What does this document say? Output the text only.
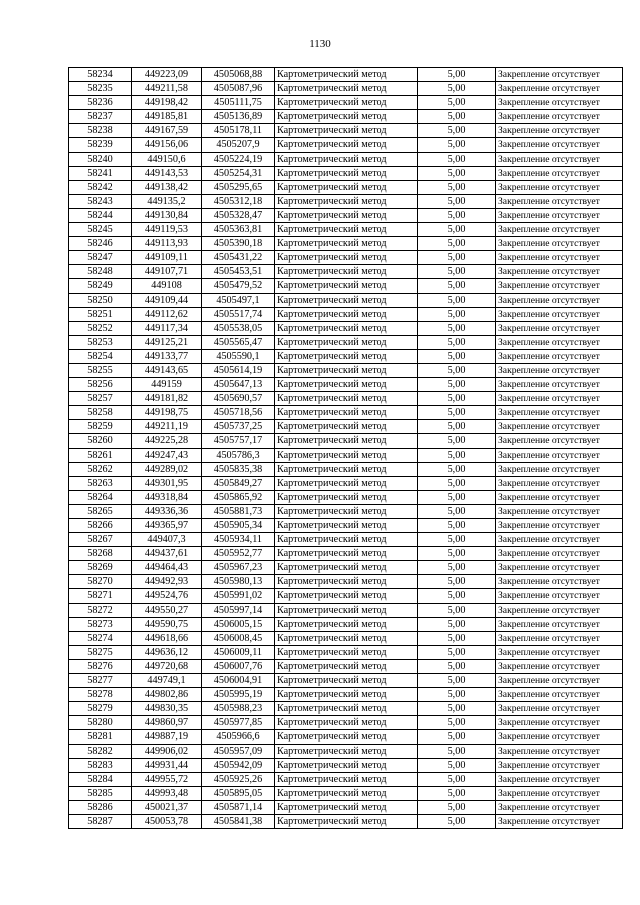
1130
58234	449223,09	4505068,88	Картометрический метод	5,00	Закрепление отсутствует
58235	449211,58	4505087,96	Картометрический метод	5,00	Закрепление отсутствует
58236	449198,42	4505111,75	Картометрический метод	5,00	Закрепление отсутствует
58237	449185,81	4505136,89	Картометрический метод	5,00	Закрепление отсутствует
58238	449167,59	4505178,11	Картометрический метод	5,00	Закрепление отсутствует
58239	449156,06	4505207,9	Картометрический метод	5,00	Закрепление отсутствует
58240	449150,6	4505224,19	Картометрический метод	5,00	Закрепление отсутствует
58241	449143,53	4505254,31	Картометрический метод	5,00	Закрепление отсутствует
58242	449138,42	4505295,65	Картометрический метод	5,00	Закрепление отсутствует
58243	449135,2	4505312,18	Картометрический метод	5,00	Закрепление отсутствует
58244	449130,84	4505328,47	Картометрический метод	5,00	Закрепление отсутствует
58245	449119,53	4505363,81	Картометрический метод	5,00	Закрепление отсутствует
58246	449113,93	4505390,18	Картометрический метод	5,00	Закрепление отсутствует
58247	449109,11	4505431,22	Картометрический метод	5,00	Закрепление отсутствует
58248	449107,71	4505453,51	Картометрический метод	5,00	Закрепление отсутствует
58249	449108	4505479,52	Картометрический метод	5,00	Закрепление отсутствует
58250	449109,44	4505497,1	Картометрический метод	5,00	Закрепление отсутствует
58251	449112,62	4505517,74	Картометрический метод	5,00	Закрепление отсутствует
58252	449117,34	4505538,05	Картометрический метод	5,00	Закрепление отсутствует
58253	449125,21	4505565,47	Картометрический метод	5,00	Закрепление отсутствует
58254	449133,77	4505590,1	Картометрический метод	5,00	Закрепление отсутствует
58255	449143,65	4505614,19	Картометрический метод	5,00	Закрепление отсутствует
58256	449159	4505647,13	Картометрический метод	5,00	Закрепление отсутствует
58257	449181,82	4505690,57	Картометрический метод	5,00	Закрепление отсутствует
58258	449198,75	4505718,56	Картометрический метод	5,00	Закрепление отсутствует
58259	449211,19	4505737,25	Картометрический метод	5,00	Закрепление отсутствует
58260	449225,28	4505757,17	Картометрический метод	5,00	Закрепление отсутствует
58261	449247,43	4505786,3	Картометрический метод	5,00	Закрепление отсутствует
58262	449289,02	4505835,38	Картометрический метод	5,00	Закрепление отсутствует
58263	449301,95	4505849,27	Картометрический метод	5,00	Закрепление отсутствует
58264	449318,84	4505865,92	Картометрический метод	5,00	Закрепление отсутствует
58265	449336,36	4505881,73	Картометрический метод	5,00	Закрепление отсутствует
58266	449365,97	4505905,34	Картометрический метод	5,00	Закрепление отсутствует
58267	449407,3	4505934,11	Картометрический метод	5,00	Закрепление отсутствует
58268	449437,61	4505952,77	Картометрический метод	5,00	Закрепление отсутствует
58269	449464,43	4505967,23	Картометрический метод	5,00	Закрепление отсутствует
58270	449492,93	4505980,13	Картометрический метод	5,00	Закрепление отсутствует
58271	449524,76	4505991,02	Картометрический метод	5,00	Закрепление отсутствует
58272	449550,27	4505997,14	Картометрический метод	5,00	Закрепление отсутствует
58273	449590,75	4506005,15	Картометрический метод	5,00	Закрепление отсутствует
58274	449618,66	4506008,45	Картометрический метод	5,00	Закрепление отсутствует
58275	449636,12	4506009,11	Картометрический метод	5,00	Закрепление отсутствует
58276	449720,68	4506007,76	Картометрический метод	5,00	Закрепление отсутствует
58277	449749,1	4506004,91	Картометрический метод	5,00	Закрепление отсутствует
58278	449802,86	4505995,19	Картометрический метод	5,00	Закрепление отсутствует
58279	449830,35	4505988,23	Картометрический метод	5,00	Закрепление отсутствует
58280	449860,97	4505977,85	Картометрический метод	5,00	Закрепление отсутствует
58281	449887,19	4505966,6	Картометрический метод	5,00	Закрепление отсутствует
58282	449906,02	4505957,09	Картометрический метод	5,00	Закрепление отсутствует
58283	449931,44	4505942,09	Картометрический метод	5,00	Закрепление отсутствует
58284	449955,72	4505925,26	Картометрический метод	5,00	Закрепление отсутствует
58285	449993,48	4505895,05	Картометрический метод	5,00	Закрепление отсутствует
58286	450021,37	4505871,14	Картометрический метод	5,00	Закрепление отсутствует
58287	450053,78	4505841,38	Картометрический метод	5,00	Закрепление отсутствует
